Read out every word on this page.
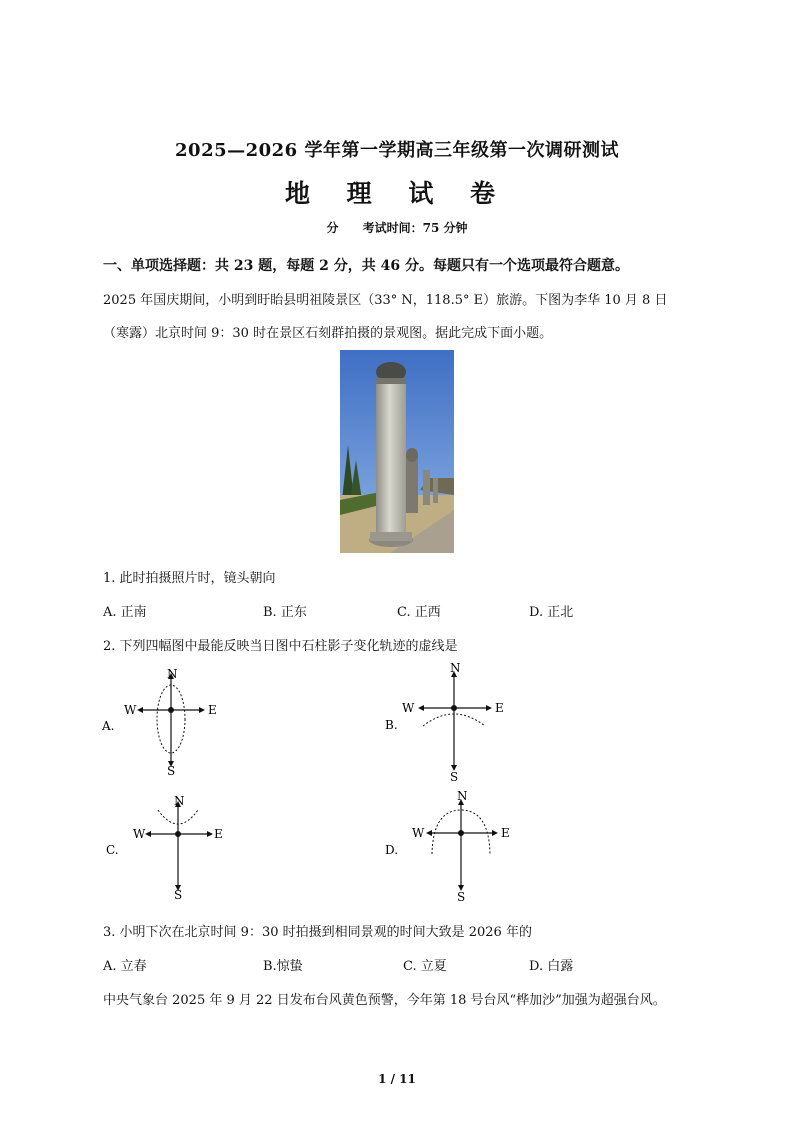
2025—2026 学年第一学期高三年级第一次调研测试
地 理 试 卷
分 考试时间：75 分钟
一、单项选择题：共 23 题，每题 2 分，共 46 分。每题只有一个选项最符合题意。
2025 年国庆期间，小明到盱眙县明祖陵景区（33° N，118.5° E）旅游。下图为李华 10 月 8 日
（寒露）北京时间 9：30 时在景区石刻群拍摄的景观图。据此完成下面小题。
1. 此时拍摄照片时，镜头朝向
A. 正南	B. 正东	C. 正西	D. 正北
2. 下列四幅图中最能反映当日图中石柱影子变化轨迹的虚线是
A.
N
S
W	E
B.
N
S
W	E
C.
N
S
W	E
D.
N
S
W	E
3. 小明下次在北京时间 9：30 时拍摄到相同景观的时间大致是 2026 年的
A. 立春	B.惊蛰	C. 立夏	D. 白露
中央气象台 2025 年 9 月 22 日发布台风黄色预警，今年第 18 号台风“桦加沙”加强为超强台风。
1 / 11
